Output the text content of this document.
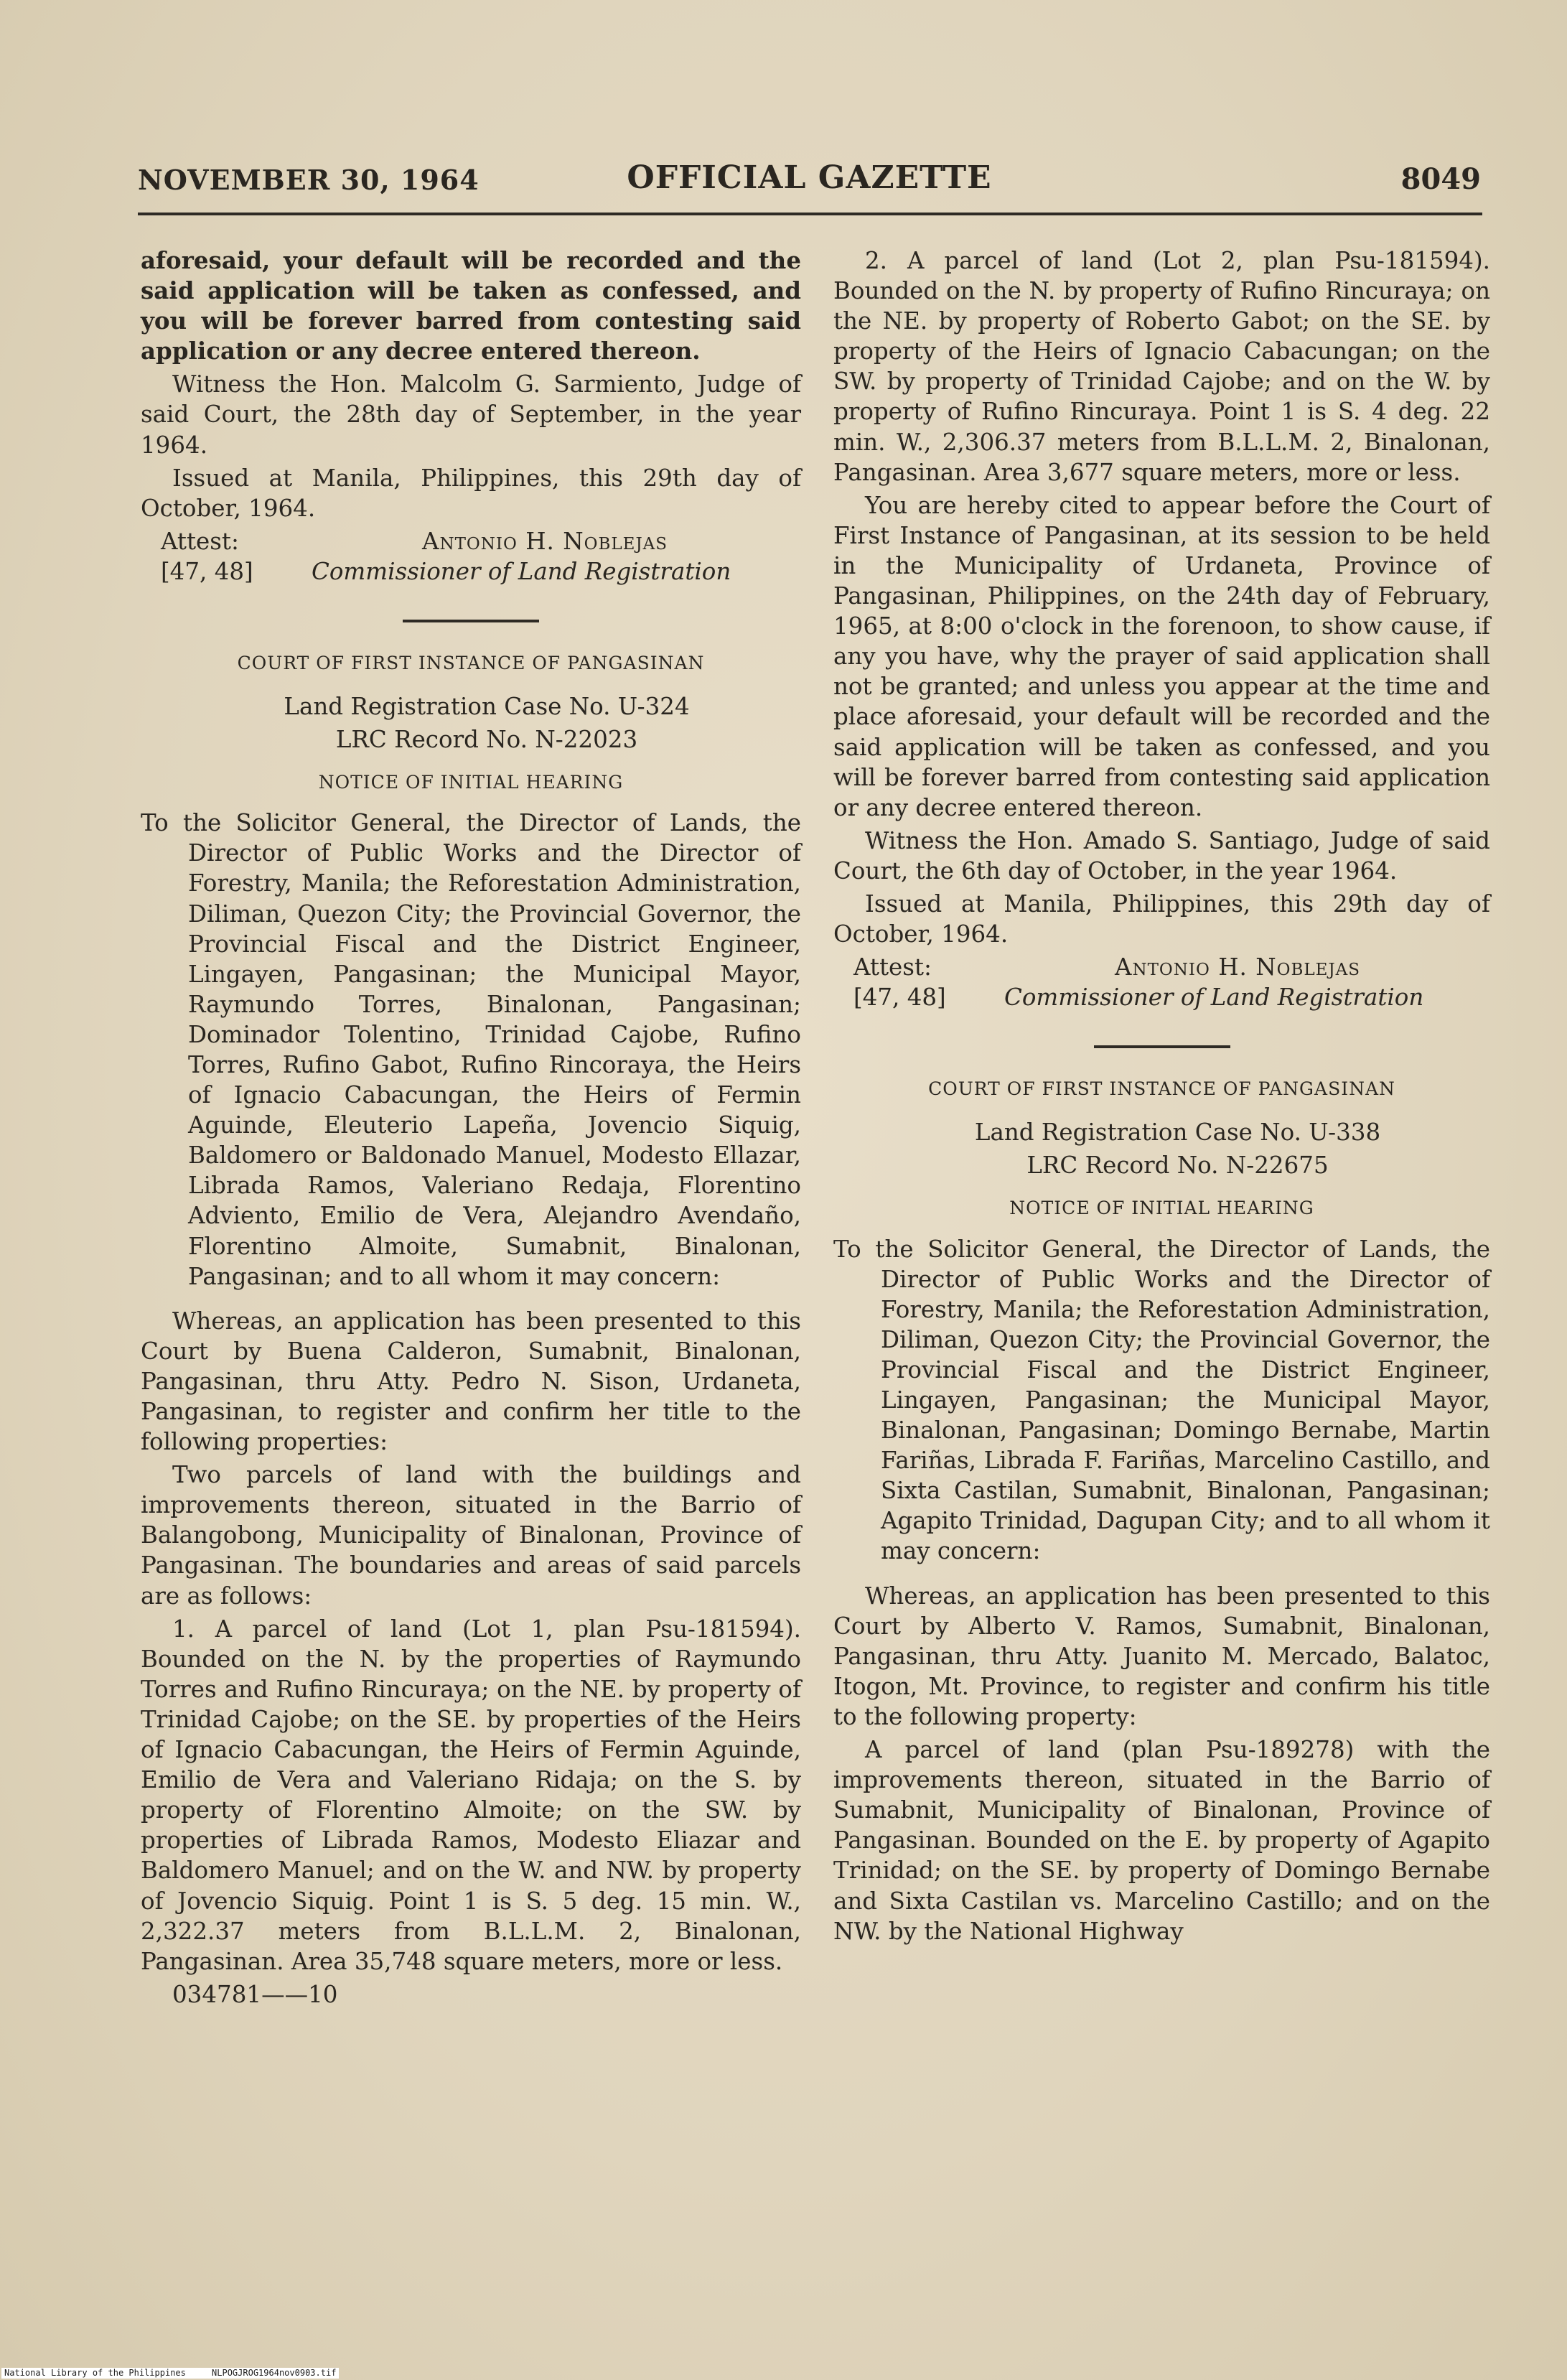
NOVEMBER 30, 1964	OFFICIAL GAZETTE	8049

aforesaid, your default will be recorded and the said application will be taken as confessed, and you will be forever barred from contesting said application or any decree entered thereon.

Witness the Hon. Malcolm G. Sarmiento, Judge of said Court, the 28th day of September, in the year 1964.

Issued at Manila, Philippines, this 29th day of October, 1964.

Attest:	Antonio H. Noblejas
[47, 48]	Commissioner of Land Registration
COURT OF FIRST INSTANCE OF PANGASINAN

Land Registration Case No. U-324

LRC Record No. N-22023

NOTICE OF INITIAL HEARING

To the Solicitor General, the Director of Lands, the Director of Public Works and the Director of Forestry, Manila; the Reforestation Administration, Diliman, Quezon City; the Provincial Governor, the Provincial Fiscal and the District Engineer, Lingayen, Pangasinan; the Municipal Mayor, Raymundo Torres, Binalonan, Pangasinan; Dominador Tolentino, Trinidad Cajobe, Rufino Torres, Rufino Gabot, Rufino Rincoraya, the Heirs of Ignacio Cabacungan, the Heirs of Fermin Aguinde, Eleuterio Lapeña, Jovencio Siquig, Baldomero or Baldonado Manuel, Modesto Ellazar, Librada Ramos, Valeriano Redaja, Florentino Adviento, Emilio de Vera, Alejandro Avendaño, Florentino Almoite, Sumabnit, Binalonan, Pangasinan; and to all whom it may concern:

Whereas, an application has been presented to this Court by Buena Calderon, Sumabnit, Binalonan, Pangasinan, thru Atty. Pedro N. Sison, Urdaneta, Pangasinan, to register and confirm her title to the following properties:

Two parcels of land with the buildings and improvements thereon, situated in the Barrio of Balangobong, Municipality of Binalonan, Province of Pangasinan. The boundaries and areas of said parcels are as follows:

1. A parcel of land (Lot 1, plan Psu-181594). Bounded on the N. by the properties of Raymundo Torres and Rufino Rincuraya; on the NE. by property of Trinidad Cajobe; on the SE. by properties of the Heirs of Ignacio Cabacungan, the Heirs of Fermin Aguinde, Emilio de Vera and Valeriano Ridaja; on the S. by property of Florentino Almoite; on the SW. by properties of Librada Ramos, Modesto Eliazar and Baldomero Manuel; and on the W. and NW. by property of Jovencio Siquig. Point 1 is S. 5 deg. 15 min. W., 2,322.37 meters from B.L.L.M. 2, Binalonan, Pangasinan. Area 35,748 square meters, more or less.

034781——10

2. A parcel of land (Lot 2, plan Psu-181594). Bounded on the N. by property of Rufino Rincuraya; on the NE. by property of Roberto Gabot; on the SE. by property of the Heirs of Ignacio Cabacungan; on the SW. by property of Trinidad Cajobe; and on the W. by property of Rufino Rincuraya. Point 1 is S. 4 deg. 22 min. W., 2,306.37 meters from B.L.L.M. 2, Binalonan, Pangasinan. Area 3,677 square meters, more or less.

You are hereby cited to appear before the Court of First Instance of Pangasinan, at its session to be held in the Municipality of Urdaneta, Province of Pangasinan, Philippines, on the 24th day of February, 1965, at 8:00 o'clock in the forenoon, to show cause, if any you have, why the prayer of said application shall not be granted; and unless you appear at the time and place aforesaid, your default will be recorded and the said application will be taken as confessed, and you will be forever barred from contesting said application or any decree entered thereon.

Witness the Hon. Amado S. Santiago, Judge of said Court, the 6th day of October, in the year 1964.

Issued at Manila, Philippines, this 29th day of October, 1964.

Attest:	Antonio H. Noblejas
[47, 48]	Commissioner of Land Registration
COURT OF FIRST INSTANCE OF PANGASINAN

Land Registration Case No. U-338

LRC Record No. N-22675

NOTICE OF INITIAL HEARING

To the Solicitor General, the Director of Lands, the Director of Public Works and the Director of Forestry, Manila; the Reforestation Administration, Diliman, Quezon City; the Provincial Governor, the Provincial Fiscal and the District Engineer, Lingayen, Pangasinan; the Municipal Mayor, Binalonan, Pangasinan; Domingo Bernabe, Martin Fariñas, Librada F. Fariñas, Marcelino Castillo, and Sixta Castilan, Sumabnit, Binalonan, Pangasinan; Agapito Trinidad, Dagupan City; and to all whom it may concern:

Whereas, an application has been presented to this Court by Alberto V. Ramos, Sumabnit, Binalonan, Pangasinan, thru Atty. Juanito M. Mercado, Balatoc, Itogon, Mt. Province, to register and confirm his title to the following property:

A parcel of land (plan Psu-189278) with the improvements thereon, situated in the Barrio of Sumabnit, Municipality of Binalonan, Province of Pangasinan. Bounded on the E. by property of Agapito Trinidad; on the SE. by property of Domingo Bernabe and Sixta Castilan vs. Marcelino Castillo; and on the NW. by the National Highway

National Library of the Philippines	NLPOGJROG1964nov0903.tif
